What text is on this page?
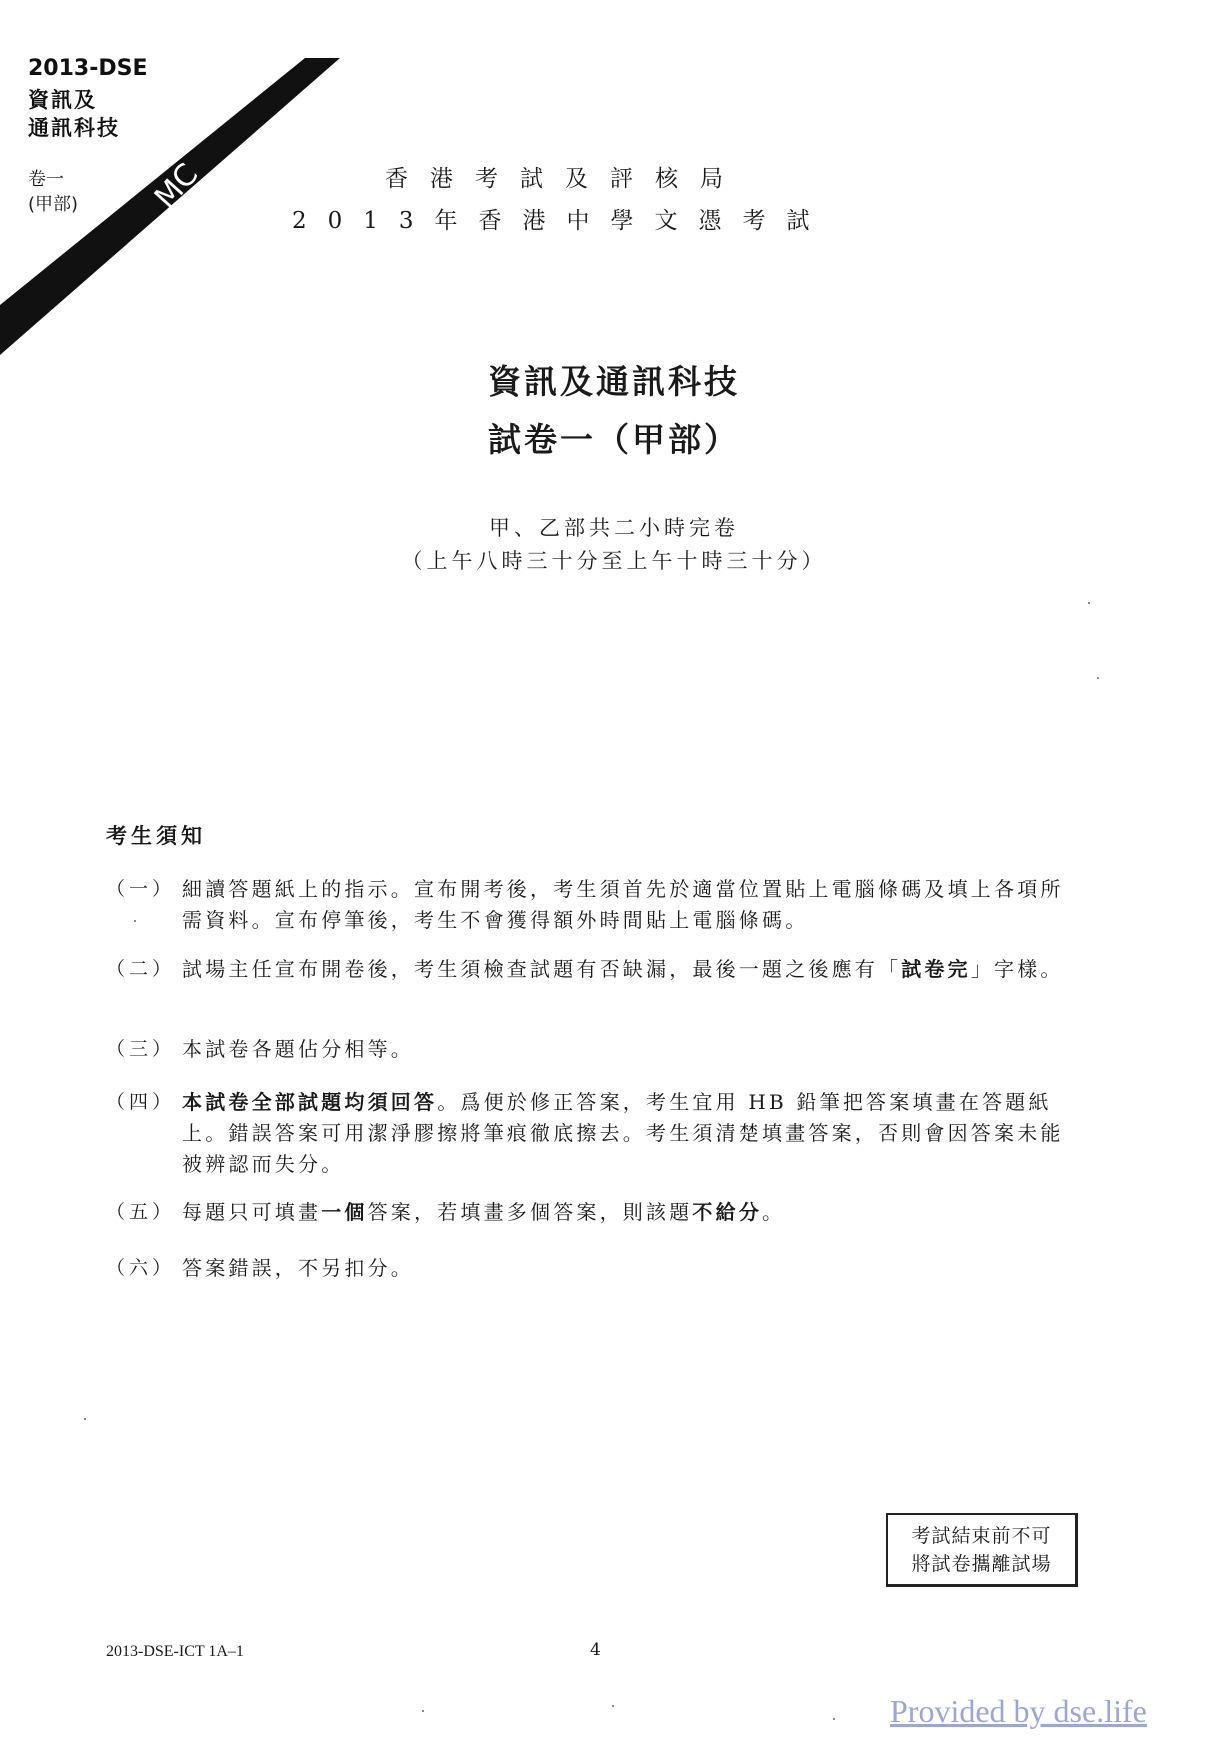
MC
2013-DSE
資訊及
通訊科技
卷一
(甲部)
香港考試及評核局
2013年香港中學文憑考試
資訊及通訊科技
試卷一（甲部）
甲、乙部共二小時完卷
（上午八時三十分至上午十時三十分）
考生須知
（一） 細讀答題紙上的指示。宣布開考後，考生須首先於適當位置貼上電腦條碼及填上各項所需資料。宣布停筆後，考生不會獲得額外時間貼上電腦條碼。
（二） 試場主任宣布開卷後，考生須檢查試題有否缺漏，最後一題之後應有「試卷完」字樣。
（三） 本試卷各題佔分相等。
（四） 本試卷全部試題均須回答。爲便於修正答案，考生宜用 HB 鉛筆把答案填畫在答題紙上。錯誤答案可用潔淨膠擦將筆痕徹底擦去。考生須清楚填畫答案，否則會因答案未能被辨認而失分。
（五） 每題只可填畫一個答案，若填畫多個答案，則該題不給分。
（六） 答案錯誤，不另扣分。
考試結束前不可
將試卷攜離試場
2013-DSE-ICT 1A–1	4
Provided by dse.life
